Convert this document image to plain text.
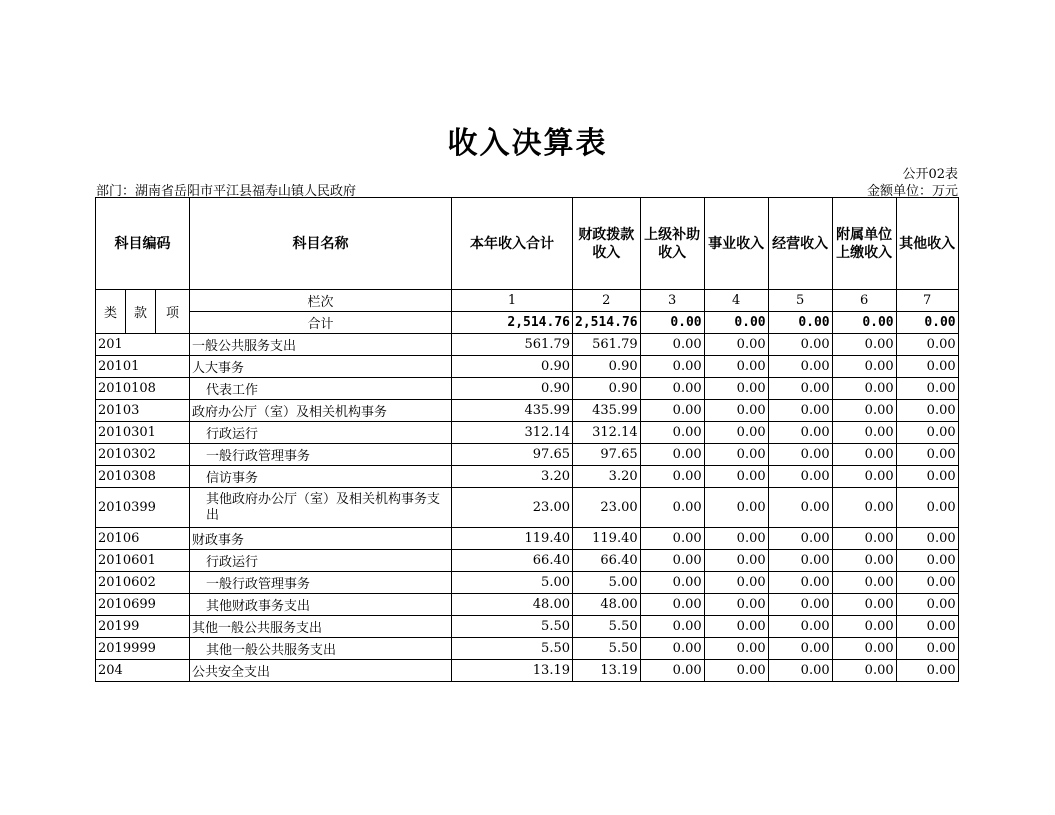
收入决算表
公开02表
部门：湖南省岳阳市平江县福寿山镇人民政府	金额单位：万元
科目编码			科目名称	本年收入合计	财政拨款收入	上级补助收入	事业收入	经营收入	附属单位上缴收入	其他收入
类	款	项	栏次	1	2	3	4	5	6	7
			合计	2,514.76	2,514.76	0.00	0.00	0.00	0.00	0.00
201			一般公共服务支出	561.79	561.79	0.00	0.00	0.00	0.00	0.00
20101			人大事务	0.90	0.90	0.00	0.00	0.00	0.00	0.00
2010108			代表工作	0.90	0.90	0.00	0.00	0.00	0.00	0.00
20103			政府办公厅（室）及相关机构事务	435.99	435.99	0.00	0.00	0.00	0.00	0.00
2010301			行政运行	312.14	312.14	0.00	0.00	0.00	0.00	0.00
2010302			一般行政管理事务	97.65	97.65	0.00	0.00	0.00	0.00	0.00
2010308			信访事务	3.20	3.20	0.00	0.00	0.00	0.00	0.00
2010399			其他政府办公厅（室）及相关机构事务支出	23.00	23.00	0.00	0.00	0.00	0.00	0.00
20106			财政事务	119.40	119.40	0.00	0.00	0.00	0.00	0.00
2010601			行政运行	66.40	66.40	0.00	0.00	0.00	0.00	0.00
2010602			一般行政管理事务	5.00	5.00	0.00	0.00	0.00	0.00	0.00
2010699			其他财政事务支出	48.00	48.00	0.00	0.00	0.00	0.00	0.00
20199			其他一般公共服务支出	5.50	5.50	0.00	0.00	0.00	0.00	0.00
2019999			其他一般公共服务支出	5.50	5.50	0.00	0.00	0.00	0.00	0.00
204			公共安全支出	13.19	13.19	0.00	0.00	0.00	0.00	0.00
